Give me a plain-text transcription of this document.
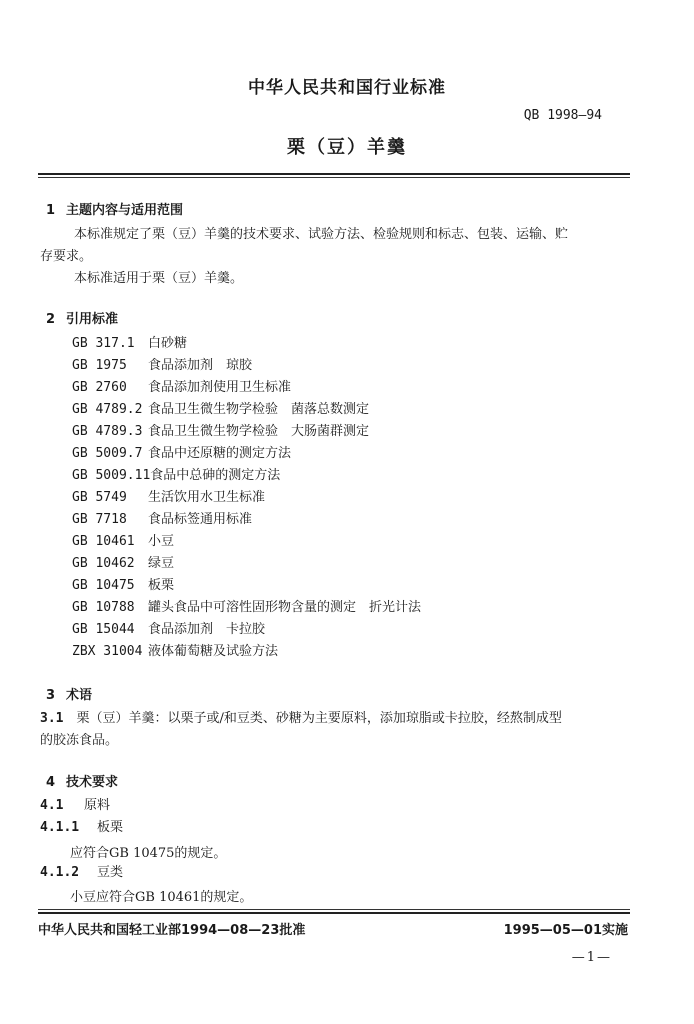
中华人民共和国行业标准
QB 1998—94
栗（豆）羊羹
1 主题内容与适用范围
本标准规定了栗（豆）羊羹的技术要求、试验方法、检验规则和标志、包装、运输、贮
存要求。
本标准适用于栗（豆）羊羹。
2 引用标准
GB 317.1 白砂糖
GB 1975 食品添加剂　琼胶
GB 2760 食品添加剂使用卫生标准
GB 4789.2 食品卫生微生物学检验　菌落总数测定
GB 4789.3 食品卫生微生物学检验　大肠菌群测定
GB 5009.7 食品中还原糖的测定方法
GB 5009.11食品中总砷的测定方法
GB 5749 生活饮用水卫生标准
GB 7718 食品标签通用标准
GB 10461 小豆
GB 10462 绿豆
GB 10475 板栗
GB 10788 罐头食品中可溶性固形物含量的测定　折光计法
GB 15044 食品添加剂　卡拉胶
ZBX 31004 液体葡萄糖及试验方法
3 术语
3.1　 栗（豆）羊羹：以栗子或/和豆类、砂糖为主要原料，添加琼脂或卡拉胶，经熬制成型
的胶冻食品。
4 技术要求
4.1 原料
4.1.1　 板栗
应符合GB 10475的规定。
4.1.2　 豆类
小豆应符合GB 10461的规定。
中华人民共和国轻工业部1994—08—23批准	1995—05—01实施
—1—
